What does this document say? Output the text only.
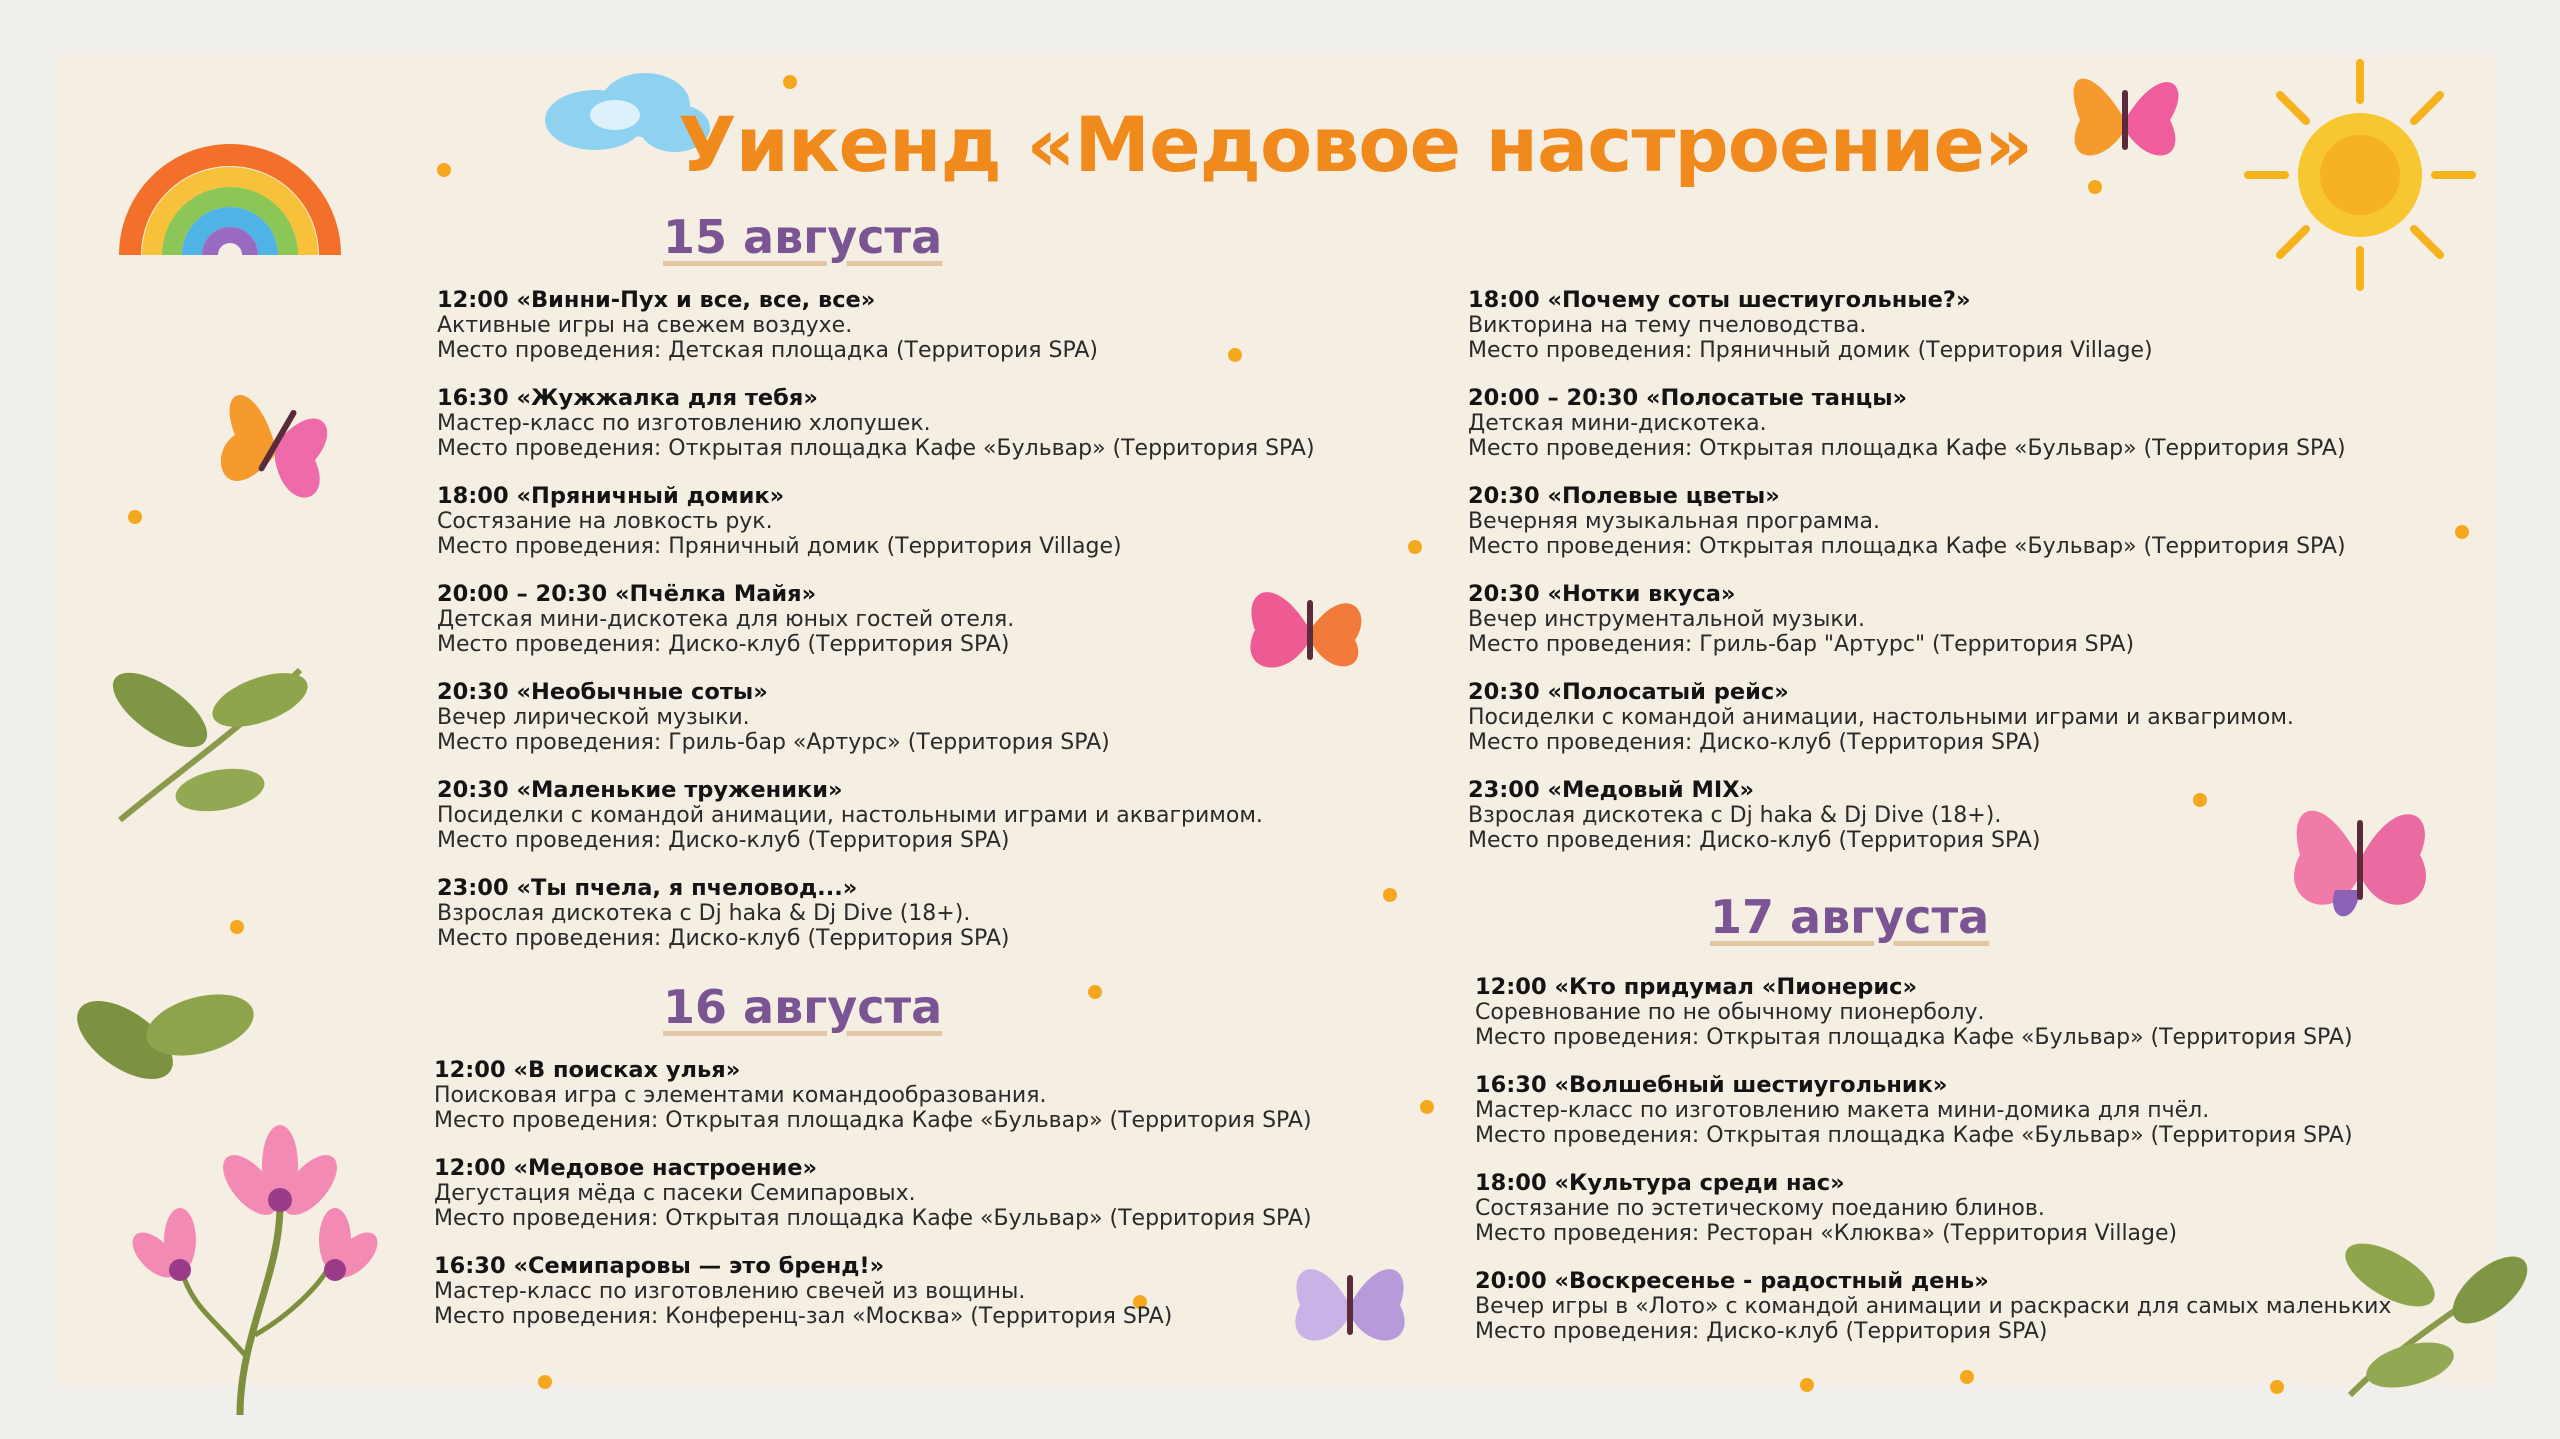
Уикенд «Медовое настроение»
15 августа
12:00 «Винни-Пух и все, все, все»
Активные игры на свежем воздухе.
Место проведения: Детская площадка (Территория SPA)
16:30 «Жужжалка для тебя»
Мастер-класс по изготовлению хлопушек.
Место проведения: Открытая площадка Кафе «Бульвар» (Территория SPA)
18:00 «Пряничный домик»
Состязание на ловкость рук.
Место проведения: Пряничный домик (Территория Village)
20:00 – 20:30 «Пчёлка Майя»
Детская мини-дискотека для юных гостей отеля.
Место проведения: Диско-клуб (Территория SPA)
20:30 «Необычные соты»
Вечер лирической музыки.
Место проведения: Гриль-бар «Артурс» (Территория SPA)
20:30 «Маленькие труженики»
Посиделки с командой анимации, настольными играми и аквагримом.
Место проведения: Диско-клуб (Территория SPA)
23:00 «Ты пчела, я пчеловод...»
Взрослая дискотека с Dj haka & Dj Dive (18+).
Место проведения: Диско-клуб (Территория SPA)
18:00 «Почему соты шестиугольные?»
Викторина на тему пчеловодства.
Место проведения: Пряничный домик (Территория Village)
20:00 – 20:30 «Полосатые танцы»
Детская мини-дискотека.
Место проведения: Открытая площадка Кафе «Бульвар» (Территория SPA)
20:30 «Полевые цветы»
Вечерняя музыкальная программа.
Место проведения: Открытая площадка Кафе «Бульвар» (Территория SPA)
20:30 «Нотки вкуса»
Вечер инструментальной музыки.
Место проведения: Гриль-бар "Артурс" (Территория SPA)
20:30 «Полосатый рейс»
Посиделки с командой анимации, настольными играми и аквагримом.
Место проведения: Диско-клуб (Территория SPA)
23:00 «Медовый MIX»
Взрослая дискотека с Dj haka & Dj Dive (18+).
Место проведения: Диско-клуб (Территория SPA)
16 августа
12:00 «В поисках улья»
Поисковая игра с элементами командообразования.
Место проведения: Открытая площадка Кафе «Бульвар» (Территория SPA)
12:00 «Медовое настроение»
Дегустация мёда с пасеки Семипаровых.
Место проведения: Открытая площадка Кафе «Бульвар» (Территория SPA)
16:30 «Семипаровы — это бренд!»
Мастер-класс по изготовлению свечей из вощины.
Место проведения: Конференц-зал «Москва» (Территория SPA)
17 августа
12:00 «Кто придумал «Пионерис»
Соревнование по не обычному пионерболу.
Место проведения: Открытая площадка Кафе «Бульвар» (Территория SPA)
16:30 «Волшебный шестиугольник»
Мастер-класс по изготовлению макета мини-домика для пчёл.
Место проведения: Открытая площадка Кафе «Бульвар» (Территория SPA)
18:00 «Культура среди нас»
Состязание по эстетическому поеданию блинов.
Место проведения: Ресторан «Клюква» (Территория Village)
20:00 «Воскресенье - радостный день»
Вечер игры в «Лото» с командой анимации и раскраски для самых маленьких
Место проведения: Диско-клуб (Территория SPA)
